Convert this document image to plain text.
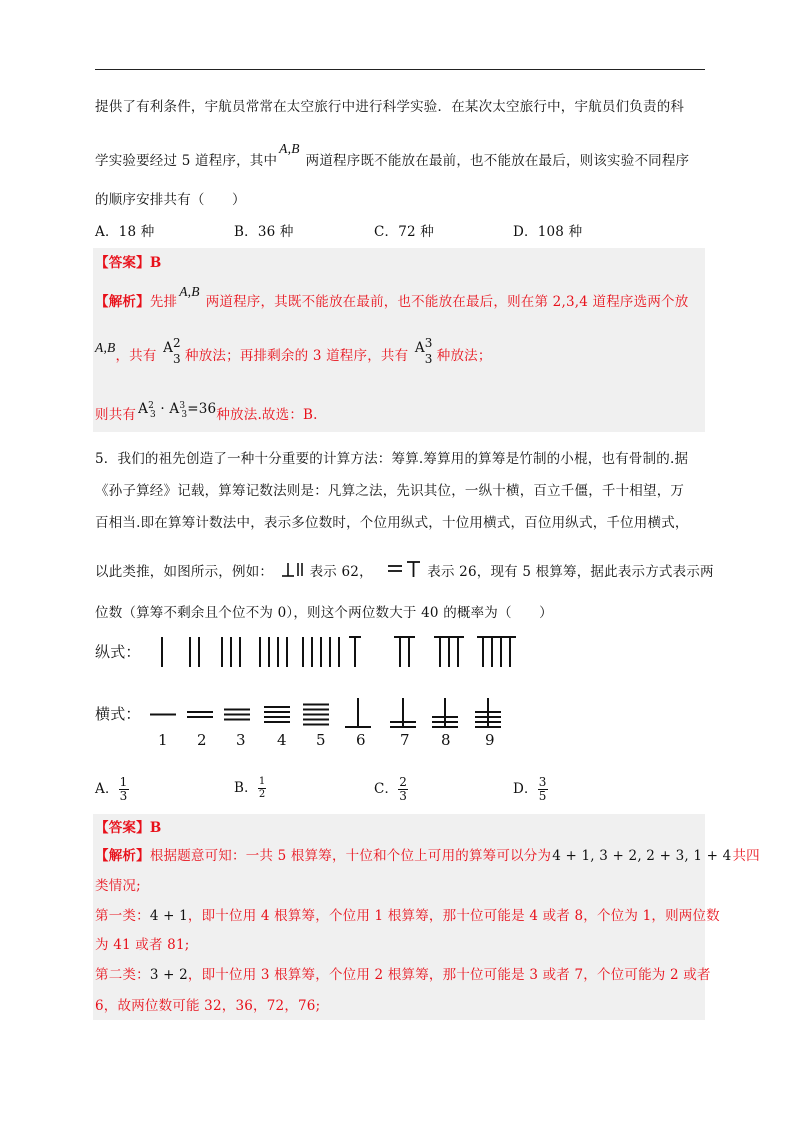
提供了有利条件，宇航员常常在太空旅行中进行科学实验．在某次太空旅行中，宇航员们负责的科
学实验要经过 5 道程序，其中A,B两道程序既不能放在最前，也不能放在最后，则该实验不同程序
的顺序安排共有（　　）
A．18 种	B．36 种	C．72 种	D．108 种
【答案】B
【解析】先排A,B两道程序，其既不能放在最前，也不能放在最后，则在第 2,3,4 道程序选两个放
A,B，共有 A 2
3 种放法；再排剩余的 3 道程序，共有 A 3
3 种放法；
则共有 $A^2_3 \cdot A^3_3=36$种放法.故选：B.
5．我们的祖先创造了一种十分重要的计算方法：筹算.筹算用的算筹是竹制的小棍，也有骨制的.据
《孙子算经》记载，算筹记数法则是：凡算之法，先识其位，一纵十横，百立千僵，千十相望，万
百相当.即在算筹计数法中，表示多位数时，个位用纵式，十位用横式，百位用纵式，千位用横式，
以此类推，如图所示，例如：	表示 62，	表示 26，现有 5 根算筹，据此表示方式表示两
位数（算筹不剩余且个位不为 0），则这个两位数大于 40 的概率为（　　）
纵式：
横式：
1 2 3 4 5 6 7 8 9
A． $\frac{1}{3}$	B． $\frac{1}{2}$	C． $\frac{2}{3}$	D． $\frac{3}{5}$
【答案】B
【解析】根据题意可知：一共 5 根算筹，十位和个位上可用的算筹可以分为4 + 1, 3 + 2, 2 + 3, 1 + 4共四
类情况;
第一类：4 + 1，即十位用 4 根算筹，个位用 1 根算筹，那十位可能是 4 或者 8，个位为 1，则两位数
为 41 或者 81;
第二类：3 + 2，即十位用 3 根算筹，个位用 2 根算筹，那十位可能是 3 或者 7，个位可能为 2 或者
6，故两位数可能 32，36，72，76;
